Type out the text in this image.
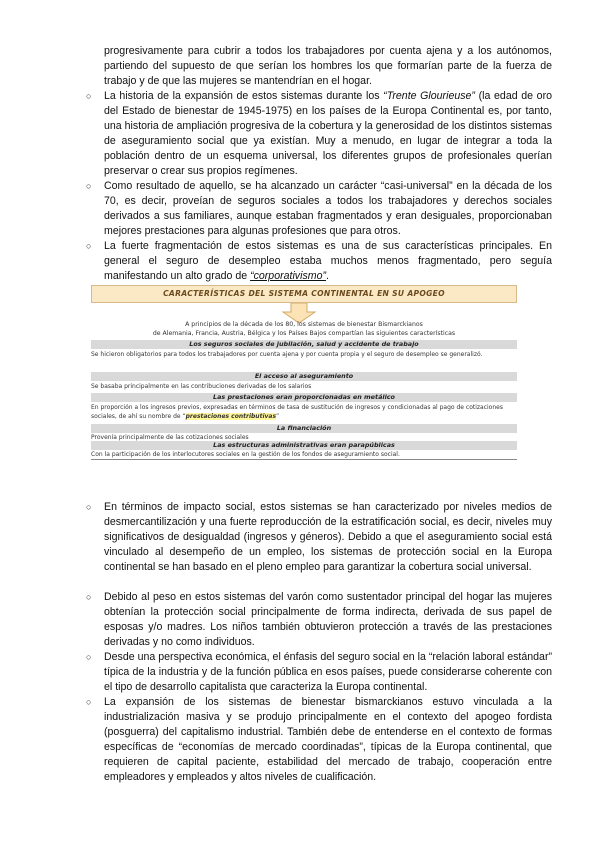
progresivamente para cubrir a todos los trabajadores por cuenta ajena y a los autónomos, partiendo del supuesto de que serían los hombres los que formarían parte de la fuerza de trabajo y de que las mujeres se mantendrían en el hogar.

○ La historia de la expansión de estos sistemas durante los “Trente Glourieuse” (la edad de oro del Estado de bienestar de 1945-1975) en los países de la Europa Continental es, por tanto, una historia de ampliación progresiva de la cobertura y la generosidad de los distintos sistemas de aseguramiento social que ya existían. Muy a menudo, en lugar de integrar a toda la población dentro de un esquema universal, los diferentes grupos de profesionales querían preservar o crear sus propios regímenes.

○ Como resultado de aquello, se ha alcanzado un carácter “casi-universal” en la década de los 70, es decir, proveían de seguros sociales a todos los trabajadores y derechos sociales derivados a sus familiares, aunque estaban fragmentados y eran desiguales, proporcionaban mejores prestaciones para algunas profesiones que para otros.

○ La fuerte fragmentación de estos sistemas es una de sus características principales. En general el seguro de desempleo estaba muchos menos fragmentado, pero seguía manifestando un alto grado de “corporativismo”.

CARACTERÍSTICAS DEL SISTEMA CONTINENTAL EN SU APOGEO
A principios de la década de los 80, los sistemas de bienestar Bismarckianos
de Alemania, Francia, Austria, Bélgica y los Países Bajos compartían las siguientes características
Los seguros sociales de jubilación, salud y accidente de trabajo
Se hicieron obligatorios para todos los trabajadores por cuenta ajena y por cuenta propia y el seguro de desempleo se generalizó.
El acceso al aseguramiento
Se basaba principalmente en las contribuciones derivadas de los salarios
Las prestaciones eran proporcionadas en metálico
En proporción a los ingresos previos, expresadas en términos de tasa de sustitución de ingresos y condicionadas al pago de cotizaciones sociales, de ahí su nombre de “prestaciones contributivas”
La financiación
Provenía principalmente de las cotizaciones sociales
Las estructuras administrativas eran parapúblicas
Con la participación de los interlocutores sociales en la gestión de los fondos de aseguramiento social.
○ En términos de impacto social, estos sistemas se han caracterizado por niveles medios de desmercantilización y una fuerte reproducción de la estratificación social, es decir, niveles muy significativos de desigualdad (ingresos y géneros). Debido a que el aseguramiento social está vinculado al desempeño de un empleo, los sistemas de protección social en la Europa continental se han basado en el pleno empleo para garantizar la cobertura social universal.

○ Debido al peso en estos sistemas del varón como sustentador principal del hogar las mujeres obtenían la protección social principalmente de forma indirecta, derivada de sus papel de esposas y/o madres. Los niños también obtuvieron protección a través de las prestaciones derivadas y no como individuos.

○ Desde una perspectiva económica, el énfasis del seguro social en la “relación laboral estándar” típica de la industria y de la función pública en esos países, puede considerarse coherente con el tipo de desarrollo capitalista que caracteriza la Europa continental.

○ La expansión de los sistemas de bienestar bismarckianos estuvo vinculada a la industrialización masiva y se produjo principalmente en el contexto del apogeo fordista (posguerra) del capitalismo industrial. También debe de entenderse en el contexto de formas específicas de “economías de mercado coordinadas”, típicas de la Europa continental, que requieren de capital paciente, estabilidad del mercado de trabajo, cooperación entre empleadores y empleados y altos niveles de cualificación.
